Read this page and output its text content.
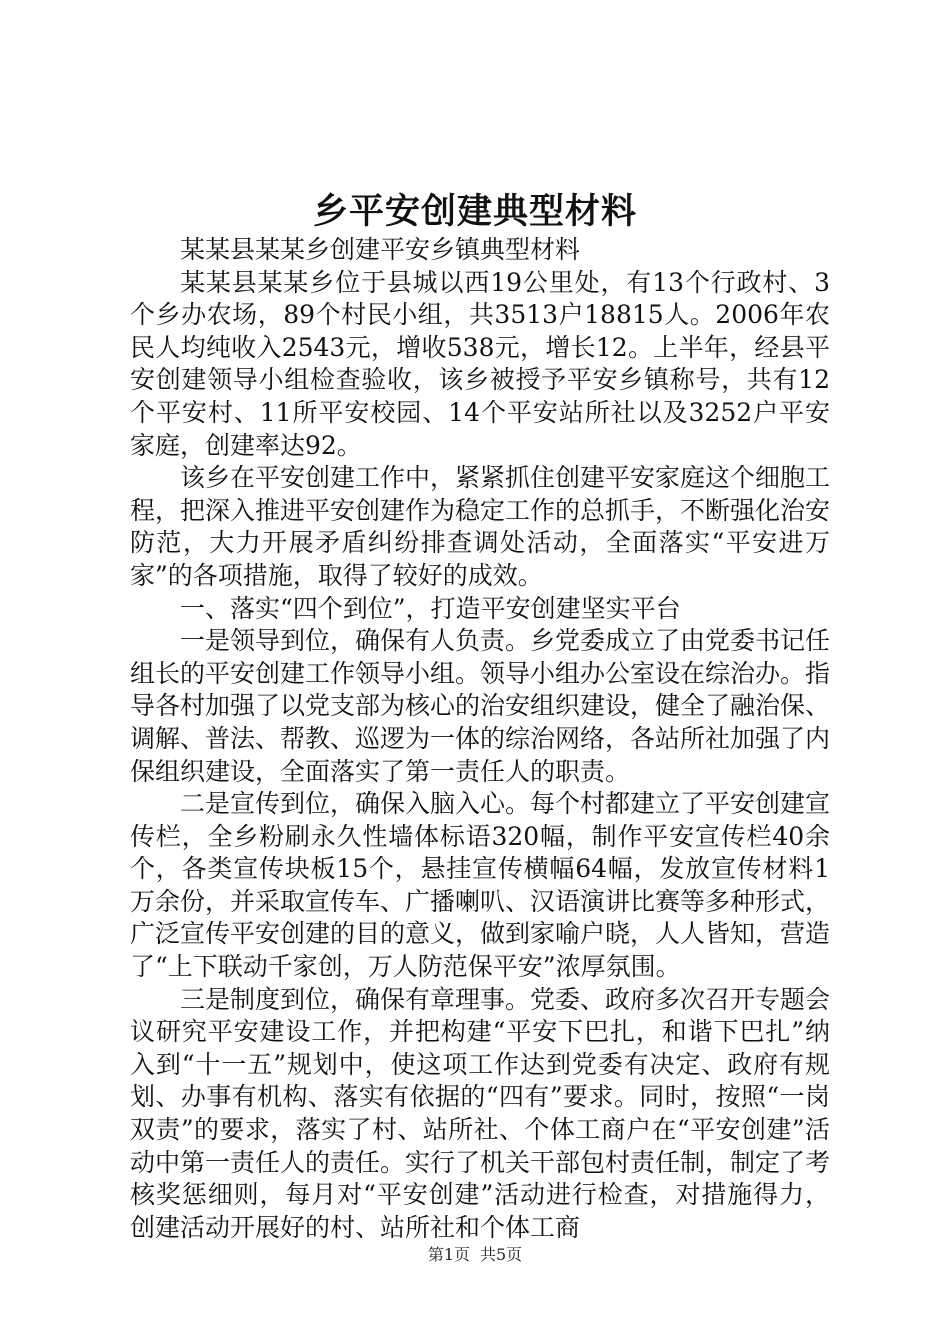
乡平安创建典型材料

某某县某某乡创建平安乡镇典型材料

某某县某某乡位于县城以西19公里处，有13个行政村、3个乡办农场，89个村民小组，共3513户18815人。2006年农民人均纯收入2543元，增收538元，增长12。上半年，经县平安创建领导小组检查验收，该乡被授予平安乡镇称号，共有12个平安村、11所平安校园、14个平安站所社以及3252户平安家庭，创建率达92。

该乡在平安创建工作中，紧紧抓住创建平安家庭这个细胞工程，把深入推进平安创建作为稳定工作的总抓手，不断强化治安防范，大力开展矛盾纠纷排查调处活动，全面落实“平安进万家”的各项措施，取得了较好的成效。

一、落实“四个到位”，打造平安创建坚实平台

一是领导到位，确保有人负责。乡党委成立了由党委书记任组长的平安创建工作领导小组。领导小组办公室设在综治办。指导各村加强了以党支部为核心的治安组织建设，健全了融治保、调解、普法、帮教、巡逻为一体的综治网络，各站所社加强了内保组织建设，全面落实了第一责任人的职责。

二是宣传到位，确保入脑入心。每个村都建立了平安创建宣传栏，全乡粉刷永久性墙体标语320幅，制作平安宣传栏40余个，各类宣传块板15个，悬挂宣传横幅64幅，发放宣传材料1万余份，并采取宣传车、广播喇叭、汉语演讲比赛等多种形式，广泛宣传平安创建的目的意义，做到家喻户晓，人人皆知，营造了“上下联动千家创，万人防范保平安”浓厚氛围。

三是制度到位，确保有章理事。党委、政府多次召开专题会议研究平安建设工作，并把构建“平安下巴扎，和谐下巴扎”纳入到“十一五”规划中，使这项工作达到党委有决定、政府有规划、办事有机构、落实有依据的“四有”要求。同时，按照“一岗双责”的要求，落实了村、站所社、个体工商户在“平安创建”活动中第一责任人的责任。实行了机关干部包村责任制，制定了考核奖惩细则，每月对“平安创建”活动进行检查，对措施得力，创建活动开展好的村、站所社和个体工商

第1页 共5页
